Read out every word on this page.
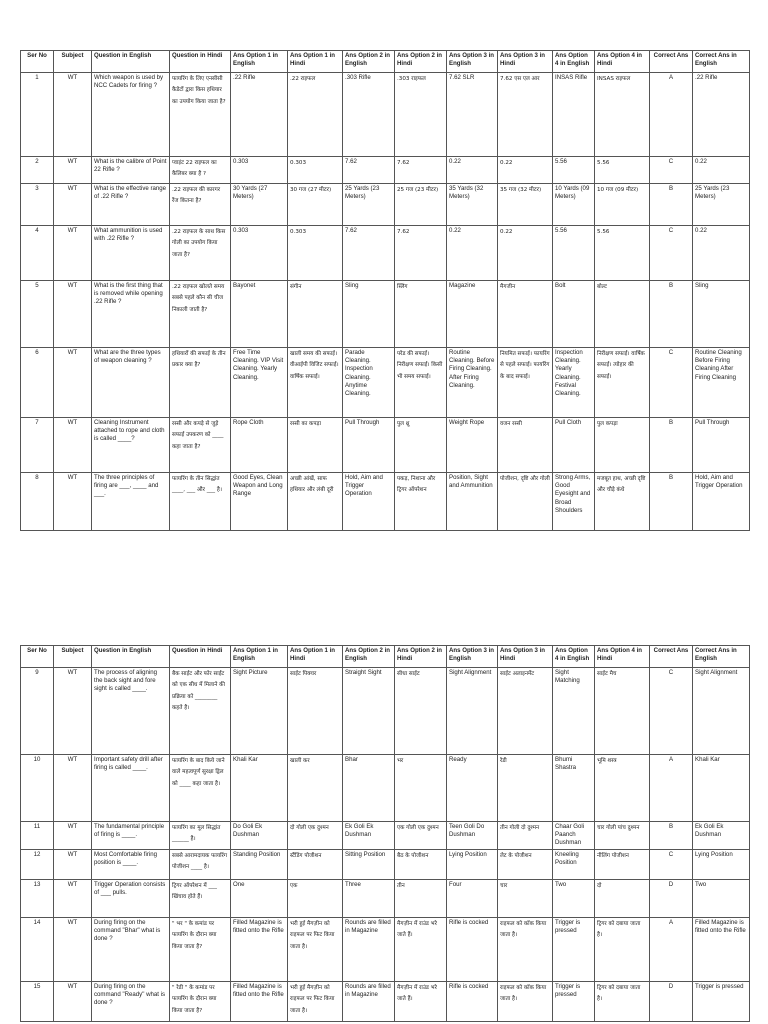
Ser No	Subject	Question in English	Question in Hindi	Ans Option 1 in English	Ans Option 1 in Hindi	Ans Option 2 in English	Ans Option 2 in Hindi	Ans Option 3 in English	Ans Option 3 in Hindi	Ans Option 4 in English	Ans Option 4 in Hindi	Correct Ans	Correct Ans in English
1	WT	Which weapon is used by NCC Cadets for firing ?	फायरिंग के लिए एनसीसी कैडेटों द्वारा किस हथियार का उपयोग किया जाता है?	.22 Rifle	.22 राइफल	.303 Rifle	.303 राइफल	7.62 SLR	7.62 एस एल आर	INSAS Rifle	INSAS राइफल	A	.22 Rifle
2	WT	What is the calibre of Point 22 Rifle ?	प्वाइंट 22 राइफल का कैलिबर क्या है ?	0.303	0.303	7.62	7.62	0.22	0.22	5.56	5.56	C	0.22
3	WT	What is the effective range of .22 Rifle ?	.22 राइफल की कारगर रेंज कितना है?	30 Yards (27 Meters)	30 गज (27 मीटर)	25 Yards (23 Meters)	25 गज (23 मीटर)	35 Yards (32 Meters)	35 गज (32 मीटर)	10 Yards (09 Meters)	10 गज (09 मीटर)	B	25 Yards (23 Meters)
4	WT	What ammunition is used with .22 Rifle ?	.22 राइफल के साथ किस गोली का उपयोग किया जाता है?	0.303	0.303	7.62	7.62	0.22	0.22	5.56	5.56	C	0.22
5	WT	What is the first thing that is removed while opening .22 Rifle ?	.22 राइफल खोलते समय सबसे पहले कौन सी चीज निकाली जाती है?	Bayonet	संगीन	Sling	स्लिंग	Magazine	मैगजीन	Bolt	बोल्ट	B	Sling
6	WT	What are the three types of weapon cleaning ?	हथियारों की सफाई के तीन प्रकार क्या है?	Free Time Cleaning. VIP Visit Cleaning. Yearly Cleaning.	खाली समय की सफाई। वीआईपी विजिट सफाई। वार्षिक सफाई।	Parade Cleaning. Inspection Cleaning. Anytime Cleaning.	परेड की सफाई। निरीक्षण सफाई। किसी भी समय सफाई।	Routine Cleaning. Before Firing Cleaning. After Firing Cleaning.	नियमित सफाई। फायरिंग से पहले सफाई। फायरिंग के बाद सफाई।	Inspection Cleaning. Yearly Cleaning. Festival Cleaning.	निरीक्षण सफाई। वार्षिक सफाई। त्योहार की सफाई।	C	Routine Cleaning Before Firing Cleaning After Firing Cleaning
7	WT	Cleaning Instrument attached to rope and cloth is called ____?	रस्सी और कपड़े से जुड़े सफाई उपकरण को ____ कहा जाता है?	Rope Cloth	रस्सी का कपड़ा	Pull Through	पुल थ्रू	Weight Rope	वजन रस्सी	Pull Cloth	पुल कपड़ा	B	Pull Through
8	WT	The three principles of firing are ___, ____ and ___.	फायरिंग के तीन सिद्धांत ____, ___ और ___ है।	Good Eyes, Clean Weapon and Long Range	अच्छी आंखें, साफ हथियार और लंबी दूरी	Hold, Aim and Trigger Operation	पकड़, निशाना और ट्रिगर ऑपरेशन	Position, Sight and Ammunition	पोजीशन, दृष्टि और गोली	Strong Arms, Good Eyesight and Broad Shoulders	मजबूत हाथ, अच्छी दृष्टि और चौड़े कंधे	B	Hold, Aim and Trigger Operation
Ser No	Subject	Question in English	Question in Hindi	Ans Option 1 in English	Ans Option 1 in Hindi	Ans Option 2 in English	Ans Option 2 in Hindi	Ans Option 3 in English	Ans Option 3 in Hindi	Ans Option 4 in English	Ans Option 4 in Hindi	Correct Ans	Correct Ans in English
9	WT	The process of aligning the back sight and fore sight is called ____.	बैक साईट और फोर साईट को एक सीध में मिलाने की प्रक्रिया को ________ कहते है।	Sight Picture	साईट पिक्चर	Straight Sight	सीधा साईट	Sight Alignment	साईट अलाइनमेंट	Sight Matching	साईट मैच	C	Sight Alignment
10	WT	Important safety drill after firing is called ____.	फायरिंग के बाद किये जाने वाले महत्वपूर्ण सुरक्षा ड्रिल को ____ कहा जाता है।	Khali Kar	खाली कर	Bhar	भर	Ready	रेडी	Bhumi Shastra	भूमि शस्त्र	A	Khali Kar
11	WT	The fundamental principle of firing is ____.	फायरिंग का मूल सिद्धांत ______ है।	Do Goli Ek Dushman	दो गोली एक दुश्मन	Ek Goli Ek Dushman	एक गोली एक दुश्मन	Teen Goli Do Dushman	तीन गोली दो दुश्मन	Chaar Goli Paanch Dushman	चार गोली पांच दुश्मन	B	Ek Goli Ek Dushman
12	WT	Most Comfortable firing position is ____.	सबसे आरामदायक फायरिंग पोजीशन ____ है।	Standing Position	स्टैंडिंग पोजीशन	Sitting Position	बैठ के पोजीशन	Lying Position	लेट के पोजीशन	Kneeling Position	नीलिंग पोजीशन	C	Lying Position
13	WT	Trigger Operation consists of ___ pulls.	ट्रिगर ऑपरेशन में ___ खिंचाव होते हैं।	One	एक	Three	तीन	Four	चार	Two	दो	D	Two
14	WT	During firing on the command "Bhar" what is done ?	" भर " के कमांड पर फायरिंग के दौरान क्या किया जाता है?	Filled Magazine is fitted onto the Rifle	भरी हुई मैगज़ीन को राइफल पर फिट किया जाता है।	Rounds are filled in Magazine	मैगज़ीन में राउंड भरे जाते हैं।	Rifle is cocked	राइफल को कॉक किया जाता है।	Trigger is pressed	ट्रिगर को दबाया जाता है।	A	Filled Magazine is fitted onto the Rifle
15	WT	During firing on the command "Ready" what is done ?	" रेडी " के कमांड पर फायरिंग के दौरान क्या किया जाता है?	Filled Magazine is fitted onto the Rifle	भरी हुई मैगज़ीन को राइफल पर फिट किया जाता है।	Rounds are filled in Magazine	मैगज़ीन में राउंड भरे जाते हैं।	Rifle is cocked	राइफल को कॉक किया जाता है।	Trigger is pressed	ट्रिगर को दबाया जाता है।	D	Trigger is pressed
